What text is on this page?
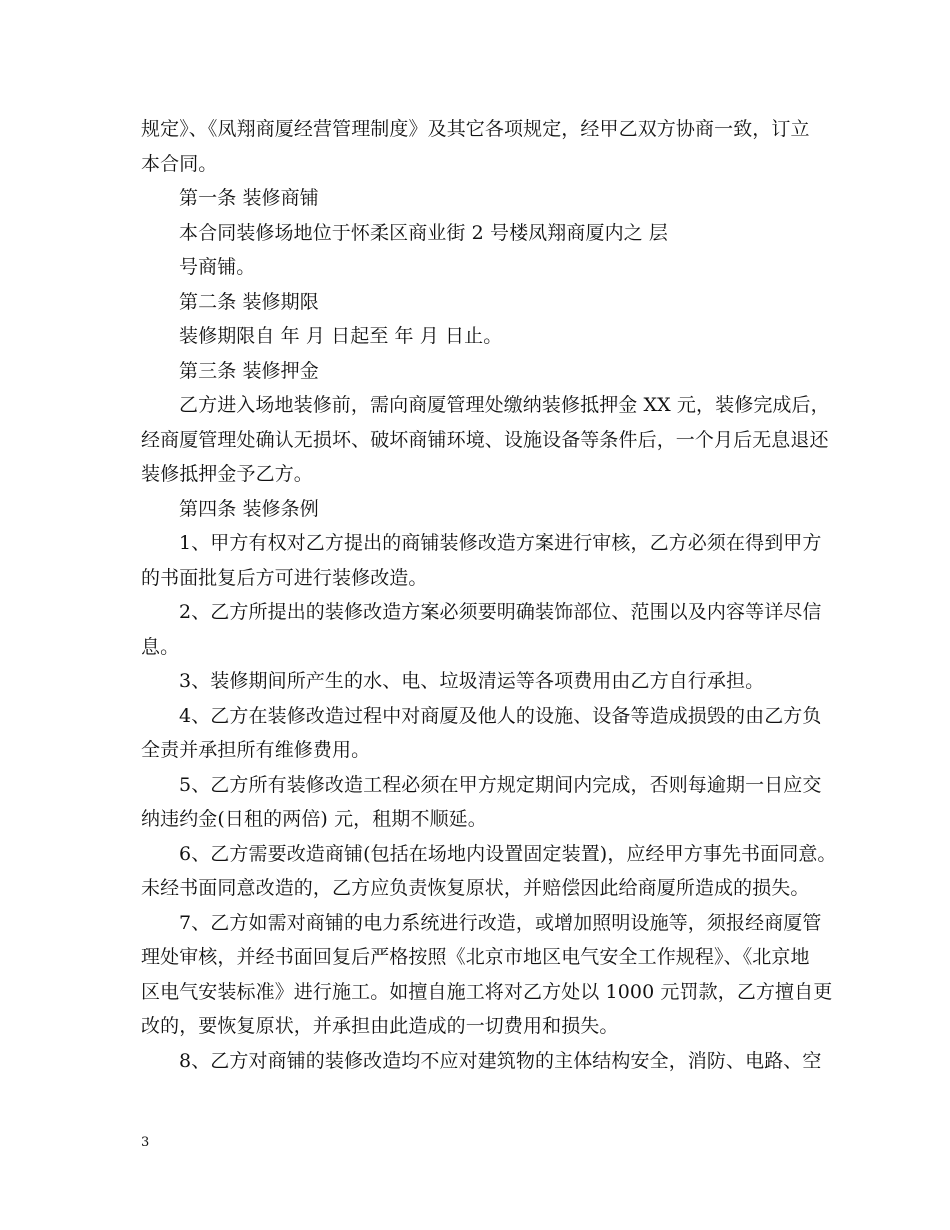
规定》、《凤翔商厦经营管理制度》及其它各项规定，经甲乙双方协商一致，订立
本合同。
第一条 装修商铺
本合同装修场地位于怀柔区商业街 2 号楼凤翔商厦内之 层
号商铺。
第二条 装修期限
装修期限自 年 月 日起至 年 月 日止。
第三条 装修押金
乙方进入场地装修前，需向商厦管理处缴纳装修抵押金 XX 元，装修完成后，
经商厦管理处确认无损坏、破坏商铺环境、设施设备等条件后，一个月后无息退还
装修抵押金予乙方。
第四条 装修条例
1、甲方有权对乙方提出的商铺装修改造方案进行审核，乙方必须在得到甲方
的书面批复后方可进行装修改造。
2、乙方所提出的装修改造方案必须要明确装饰部位、范围以及内容等详尽信
息。
3、装修期间所产生的水、电、垃圾清运等各项费用由乙方自行承担。
4、乙方在装修改造过程中对商厦及他人的设施、设备等造成损毁的由乙方负
全责并承担所有维修费用。
5、乙方所有装修改造工程必须在甲方规定期间内完成，否则每逾期一日应交
纳违约金(日租的两倍) 元，租期不顺延。
6、乙方需要改造商铺(包括在场地内设置固定装置)，应经甲方事先书面同意。
未经书面同意改造的，乙方应负责恢复原状，并赔偿因此给商厦所造成的损失。
7、乙方如需对商铺的电力系统进行改造，或增加照明设施等，须报经商厦管
理处审核，并经书面回复后严格按照《北京市地区电气安全工作规程》、《北京地
区电气安装标准》进行施工。如擅自施工将对乙方处以 1000 元罚款，乙方擅自更
改的，要恢复原状，并承担由此造成的一切费用和损失。
8、乙方对商铺的装修改造均不应对建筑物的主体结构安全，消防、电路、空
3
